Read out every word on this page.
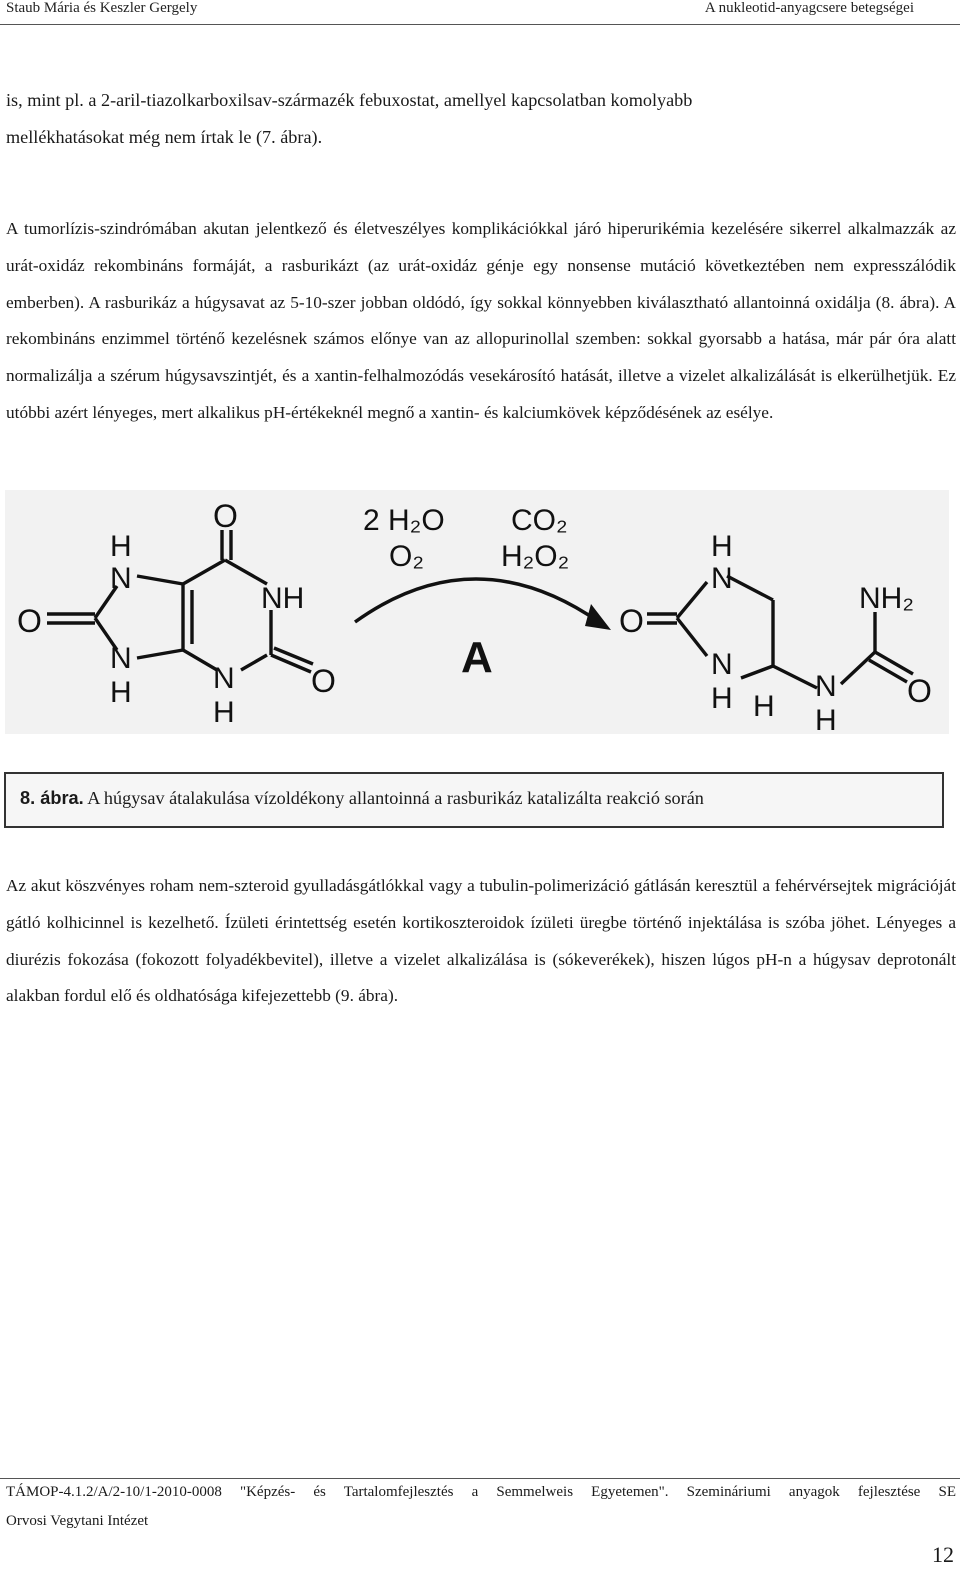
Staub Mária és Keszler Gergely	A nukleotid-anyagcsere betegségei

is, mint pl. a 2-aril-tiazolkarboxilsav-származék febuxostat, amellyel kapcsolatban komolyabb

mellékhatásokat még nem írtak le (7. ábra).

A tumorlízis-szindrómában akutan jelentkező és életveszélyes komplikációkkal járó hiperurikémia kezelésére sikerrel alkalmazzák az urát-oxidáz rekombináns formáját, a rasburikázt (az urát-oxidáz génje egy nonsense mutáció következtében nem expresszálódik emberben). A rasburikáz a húgysavat az 5-10-szer jobban oldódó, így sokkal könnyebben kiválasztható allantoinná oxidálja (8. ábra). A rekombináns enzimmel történő kezelésnek számos előnye van az allopurinollal szemben: sokkal gyorsabb a hatása, már pár óra alatt normalizálja a szérum húgysavszintjét, és a xantin-felhalmozódás vesekárosító hatását, illetve a vizelet alkalizálását is elkerülhetjük. Ez utóbbi azért lényeges, mert alkalikus pH-értékeknél megnő a xantin- és kalciumkövek képződésének az esélye.

O
H
N
NH
O
N
H	N
H
O
2 H₂O
O₂
CO₂
H₂O₂
A
H
N
O
N
H H
N
H
O
NH₂
8. ábra. A húgysav átalakulása vízoldékony allantoinná a rasburikáz katalizálta reakció során

Az akut köszvényes roham nem-szteroid gyulladásgátlókkal vagy a tubulin-polimerizáció gátlásán keresztül a fehérvérsejtek migrációját gátló kolhicinnel is kezelhető. Ízületi érintettség esetén kortikoszteroidok ízületi üregbe történő injektálása is szóba jöhet. Lényeges a diurézis fokozása (fokozott folyadékbevitel), illetve a vizelet alkalizálása is (sókeverékek), hiszen lúgos pH-n a húgysav deprotonált alakban fordul elő és oldhatósága kifejezettebb (9. ábra).

TÁMOP-4.1.2/A/2-10/1-2010-0008 "Képzés- és Tartalomfejlesztés a Semmelweis Egyetemen". Szemináriumi anyagok fejlesztése SE
Orvosi Vegytani Intézet
12
